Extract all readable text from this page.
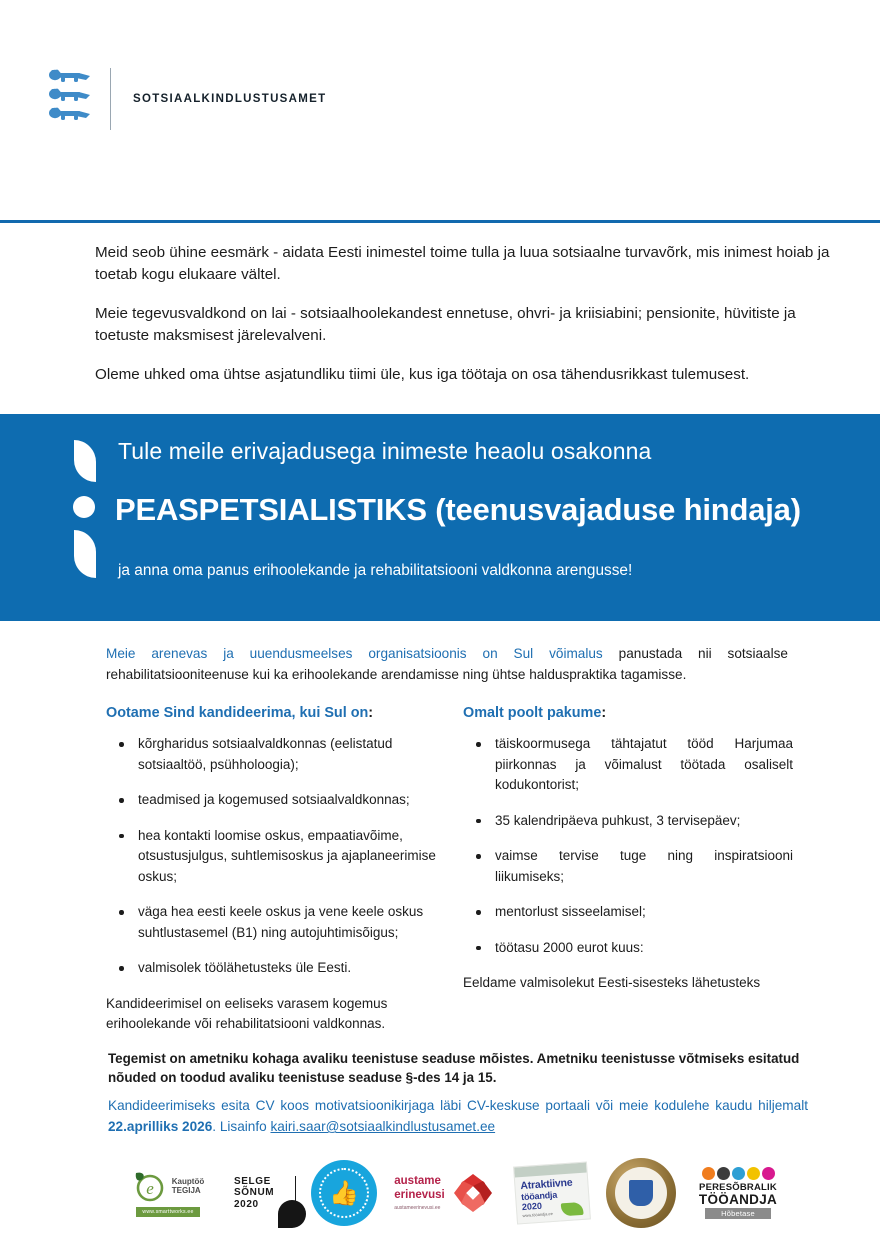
SOTSIAALKINDLUSTUSAMET

Meid seob ühine eesmärk - aidata Eesti inimestel toime tulla ja luua sotsiaalne turvavõrk, mis inimest hoiab ja toetab kogu elukaare vältel.

Meie tegevusvaldkond on lai - sotsiaalhoolekandest ennetuse, ohvri- ja kriisiabini; pensionite, hüvitiste ja toetuste maksmisest järelevalveni.

Oleme uhked oma ühtse asjatundliku tiimi üle, kus iga töötaja on osa tähendusrikkast tulemusest.

Tule meile erivajadusega inimeste heaolu osakonna
PEASPETSIALISTIKS (teenusvajaduse hindaja)
ja anna oma panus erihoolekande ja rehabilitatsiooni valdkonna arengusse!
Meie arenevas ja uuendusmeelses organisatsioonis on Sul võimalus panustada nii sotsiaalse rehabilitatsiooniteenuse kui ka erihoolekande arendamisse ning ühtse halduspraktika tagamisse.
Ootame Sind kandideerima, kui Sul on:
kõrgharidus sotsiaalvaldkonnas (eelistatud sotsiaaltöö, psühholoogia);
teadmised ja kogemused sotsiaalvaldkonnas;
hea kontakti loomise oskus, empaatiavõime, otsustusjulgus, suhtlemisoskus ja ajaplaneerimise oskus;
väga hea eesti keele oskus ja vene keele oskus suhtlustasemel (B1) ning autojuhtimisõigus;
valmisolek töölähetusteks üle Eesti.
Kandideerimisel on eeliseks varasem kogemus erihoolekande või rehabilitatsiooni valdkonnas.
Omalt poolt pakume:
täiskoormusega tähtajatut tööd Harjumaa piirkonnas ja võimalust töötada osaliselt kodukontorist;
35 kalendripäeva puhkust, 3 tervisepäev;
vaimse tervise tuge ning inspiratsiooni liikumiseks;
mentorlust sisseelamisel;
töötasu 2000 eurot kuus:
Eeldame valmisolekut Eesti-sisesteks lähetusteks
Tegemist on ametniku kohaga avaliku teenistuse seaduse mõistes. Ametniku teenistusse võtmiseks esitatud nõuded on toodud avaliku teenistuse seaduse §-des 14 ja 15.
Kandideerimiseks esita CV koos motivatsioonikirjaga läbi CV-keskuse portaali või meie kodulehe kaudu hiljemalt 22.aprilliks 2026. Lisainfo kairi.saar@sotsiaalkindlustusamet.ee
e Kauptöö
TEGIJA
www.smarttworks.ee
SELGE
SÕNUM
2020	👍	austame
erinevusi
austameerinevusi.ee
Atraktiivne
tööandja
2020
www.tööandja.ee
PERESÕBRALIK
TÖÖANDJA
Hõbetase
